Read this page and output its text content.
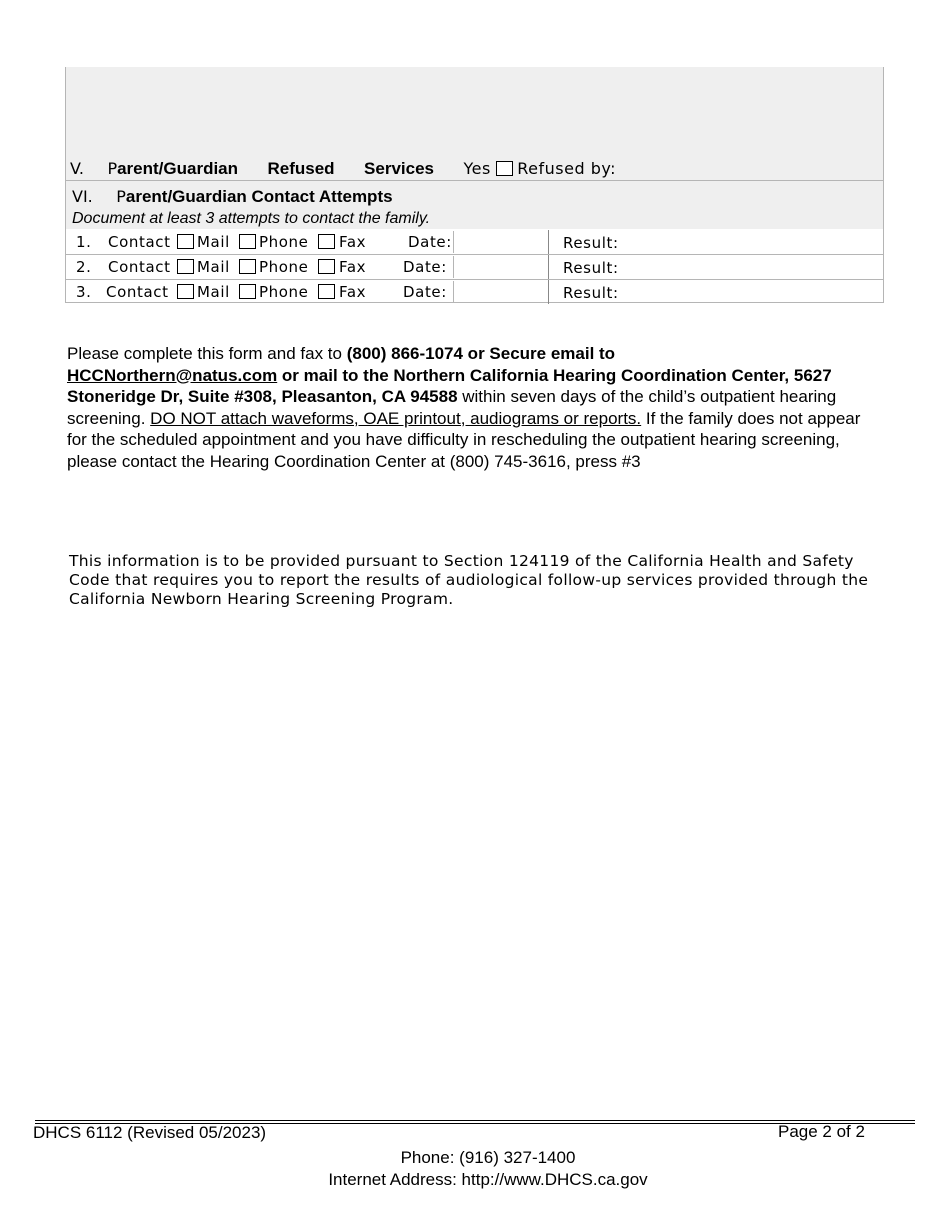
V. Parent/Guardian Refused Services Yes Refused by:
VI. Parent/Guardian Contact Attempts
Document at least 3 attempts to contact the family.
1. Contact Mail Phone Fax	Date:	Result:
2. Contact Mail Phone Fax Date:	Result:
3. Contact Mail Phone Fax Date:	Result:
Please complete this form and fax to (800) 866-1074 or Secure email to
HCCNorthern@natus.com or mail to the Northern California Hearing Coordination Center, 5627 Stoneridge Dr, Suite #308, Pleasanton, CA 94588 within seven days of the child’s outpatient hearing screening. DO NOT attach waveforms, OAE printout, audiograms or reports. If the family does not appear for the scheduled appointment and you have difficulty in rescheduling the outpatient hearing screening, please contact the Hearing Coordination Center at (800) 745-3616, press #3
This information is to be provided pursuant to Section 124119 of the California Health and Safety Code that requires you to report the results of audiological follow-up services provided through the California Newborn Hearing Screening Program.
DHCS 6112 (Revised 05/2023)	Page 2 of 2
Phone: (916) 327-1400
Internet Address: http://www.DHCS.ca.gov
